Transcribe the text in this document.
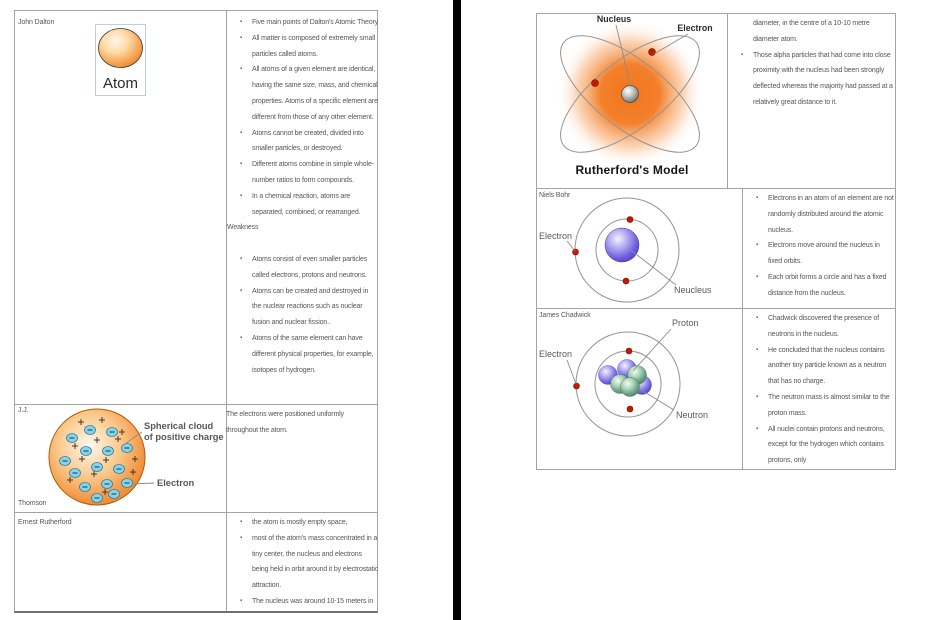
John Dalton
Atom
▪ Five main points of Dalton's Atomic Theory
▪ All matter is composed of extremely small particles called atoms.
▪ All atoms of a given element are identical, having the same size, mass, and chemical properties. Atoms of a specific element are different from those of any other element.
▪ Atoms cannot be created, divided into smaller particles, or destroyed.
▪ Different atoms combine in simple whole-number ratios to form compounds.
▪ In a chemical reaction, atoms are separated, combined, or rearranged.
Weakness
▪ Atoms consist of even smaller particles called electrons, protons and neutrons.
▪ Atoms can be created and destroyed in the nuclear reactions such as nuclear fusion and nuclear fission..
▪ Atoms of the same element can have different physical properties, for example, isotopes of hydrogen.
J.J.
Thomson
Spherical cloud
of positive charge
Electron
The electrons were positioned uniformly throughout the atom.
Ernest Rutherford	▪ the atom is mostly empty space,
▪ most of the atom's mass concentrated in a tiny center, the nucleus and electrons being held in orbit around it by electrostatic attraction.
▪ The nucleus was around 10-15 meters in
Nucleus
Electron
Rutherford's Model
diameter, in the centre of a 10-10 metre diameter atom.
▪ Those alpha particles that had come into close proximity with the nucleus had been strongly deflected whereas the majority had passed at a relatively great distance to it.
Niels Bohr
Electron
Neucleus
▪ Electrons in an atom of an element are not randomly distributed around the atomic nucleus.
▪ Electrons move around the nucleus in fixed orbits.
▪ Each orbit forms a circle and has a fixed distance from the nucleus.
James Chadwick
Proton
Electron
Neutron
▪ Chadwick discovered the presence of neutrons in the nucleus.
▪ He concluded that the nucleus contains another tiny particle known as a neutron that has no charge.
▪ The neutron mass is almost similar to the proton mass.
▪ All nuclei contain protons and neutrons, except for the hydrogen which contains protons, only
